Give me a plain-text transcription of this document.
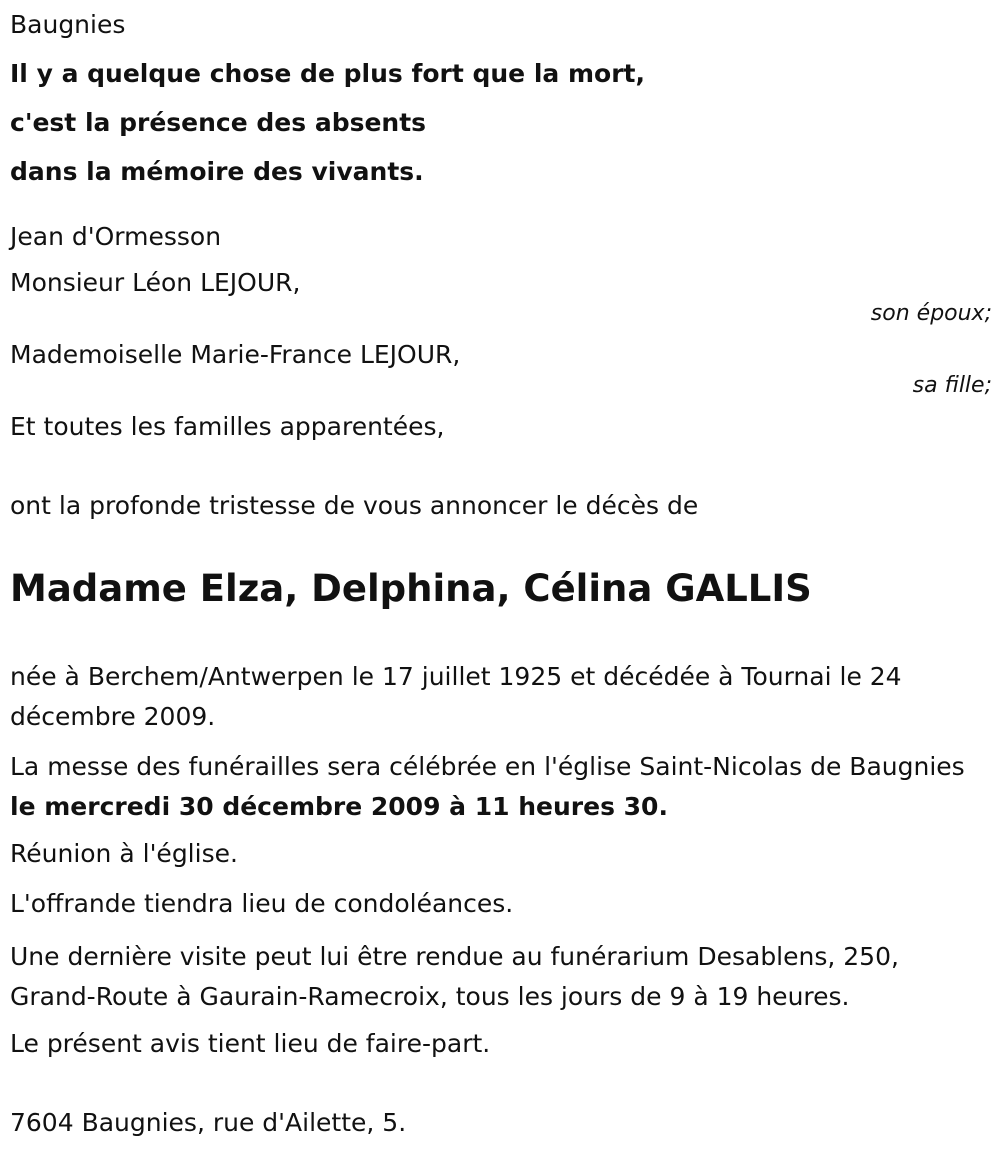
Baugnies

Il y a quelque chose de plus fort que la mort,

c'est la présence des absents

dans la mémoire des vivants.

Jean d'Ormesson

Monsieur Léon LEJOUR,

son époux;

Mademoiselle Marie-France LEJOUR,

sa fille;

Et toutes les familles apparentées,

ont la profonde tristesse de vous annoncer le décès de

Madame Elza, Delphina, Célina GALLIS

née à Berchem/Antwerpen le 17 juillet 1925 et décédée à Tournai le 24 décembre 2009.

La messe des funérailles sera célébrée en l'église Saint-Nicolas de Baugnies le mercredi 30 décembre 2009 à 11 heures 30.

Réunion à l'église.

L'offrande tiendra lieu de condoléances.

Une dernière visite peut lui être rendue au funérarium Desablens, 250, Grand-Route à Gaurain-Ramecroix, tous les jours de 9 à 19 heures.

Le présent avis tient lieu de faire-part.

7604 Baugnies, rue d'Ailette, 5.
